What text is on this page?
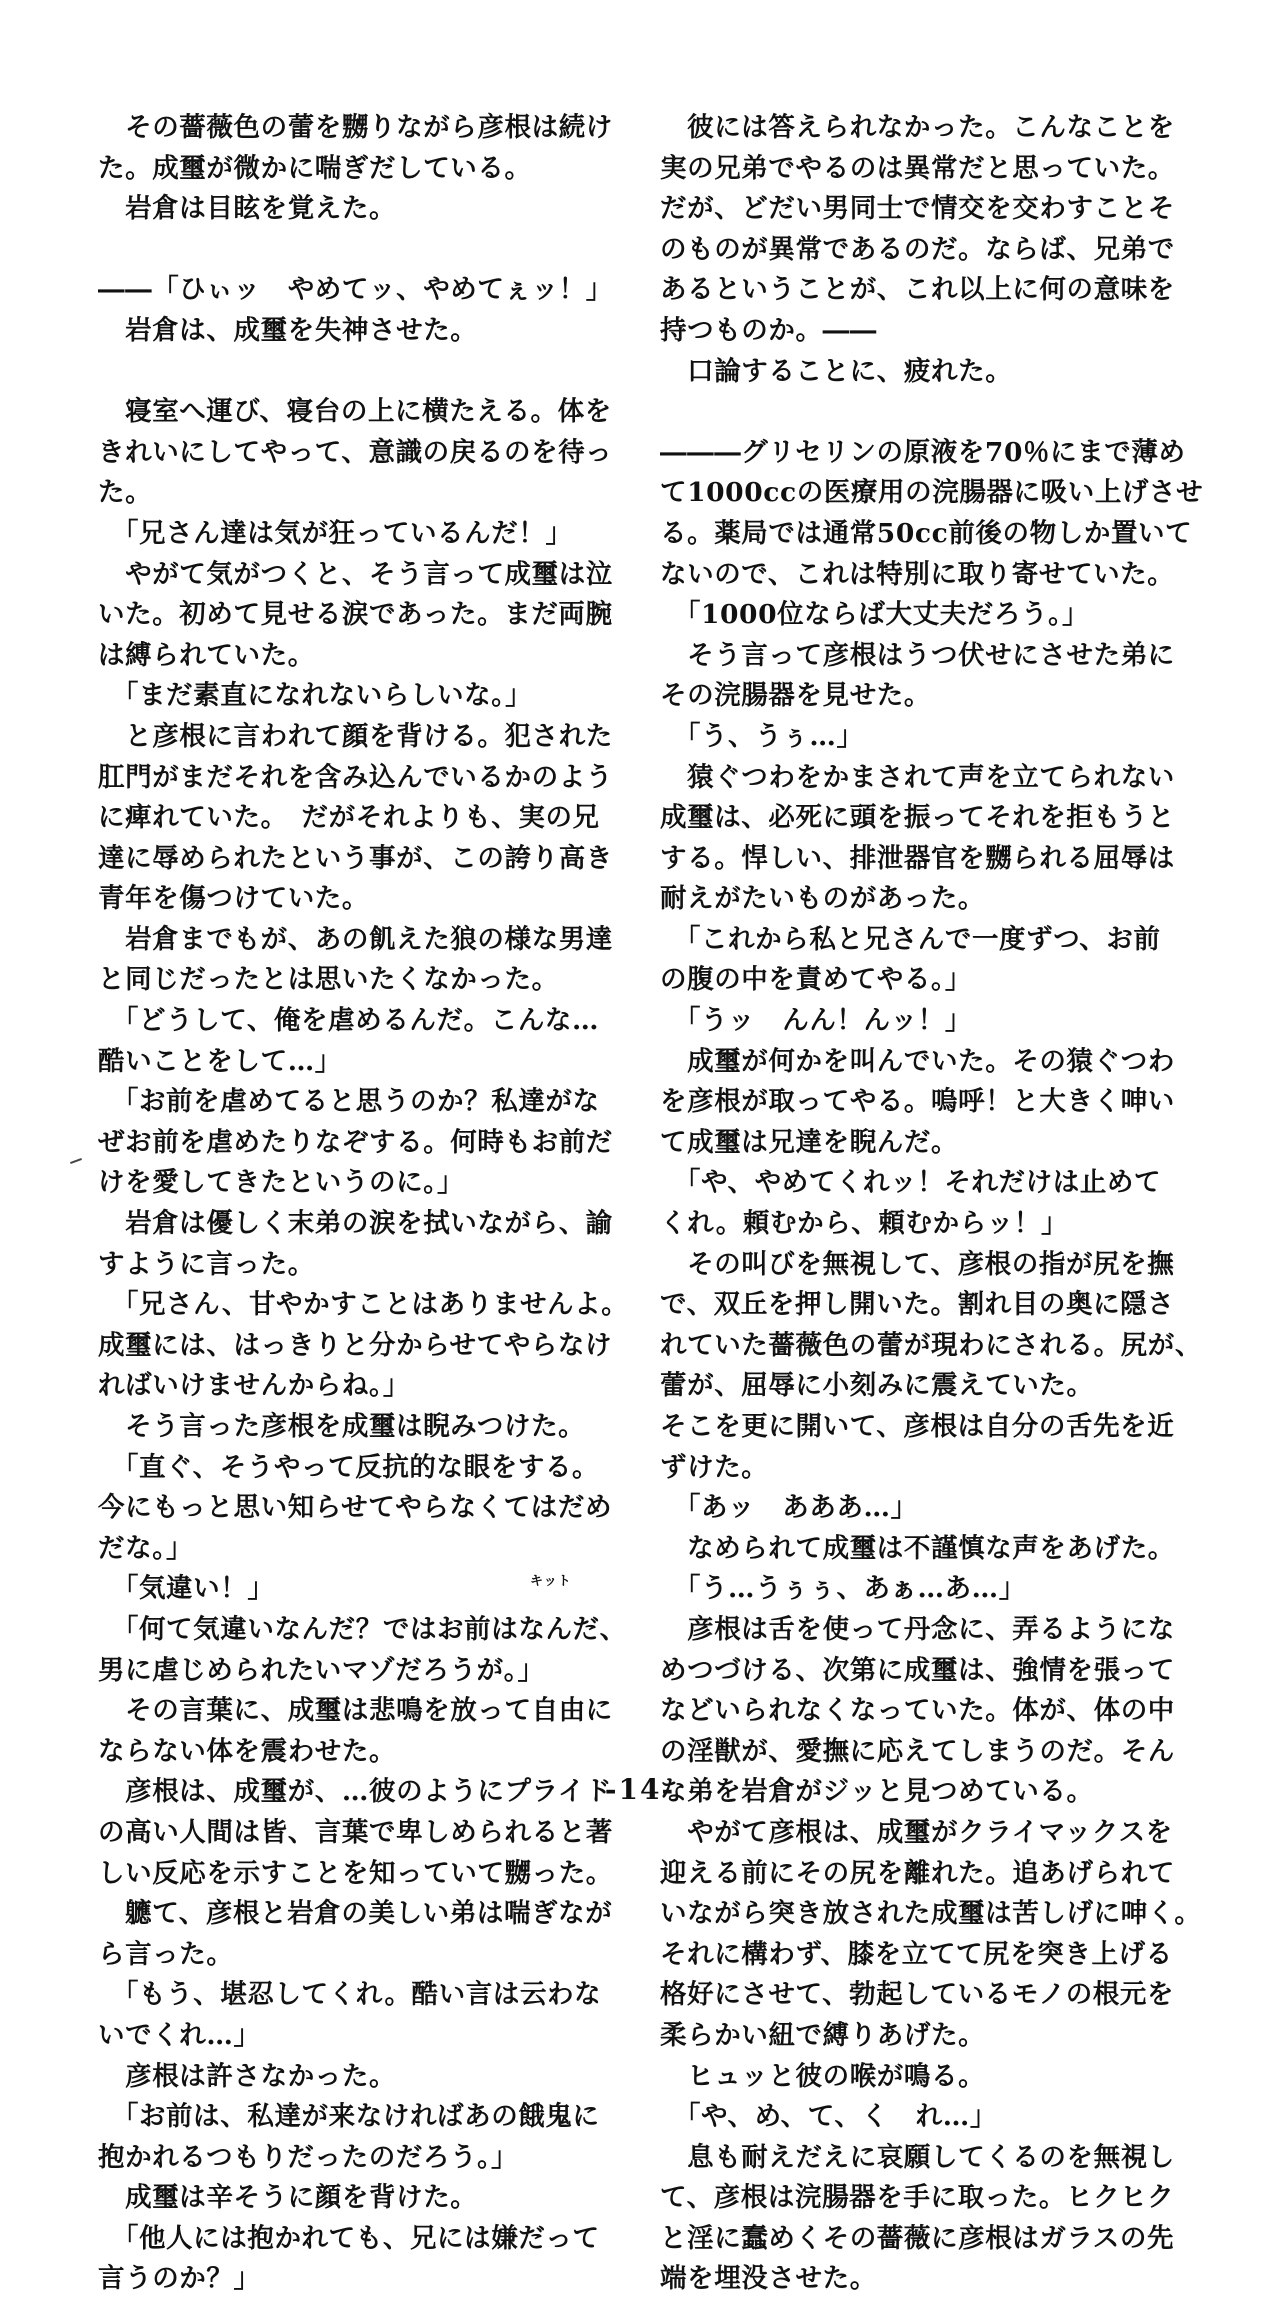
　その薔薇色の蕾を嬲りながら彦根は続け
た。成璽が微かに喘ぎだしている。
　岩倉は目眩を覚えた。
――「ひぃッ　やめてッ、やめてぇッ！」
　岩倉は、成璽を失神させた。
　寝室へ運び、寝台の上に横たえる。体を
きれいにしてやって、意識の戻るのを待っ
た。
　「兄さん達は気が狂っているんだ！」
　やがて気がつくと、そう言って成璽は泣
いた。初めて見せる涙であった。まだ両腕
は縛られていた。
　「まだ素直になれないらしいな。」
　と彦根に言われて顔を背ける。犯された
肛門がまだそれを含み込んでいるかのよう
に痺れていた。　だがそれよりも、実の兄
達に辱められたという事が、この誇り高き
青年を傷つけていた。
　岩倉までもが、あの飢えた狼の様な男達
と同じだったとは思いたくなかった。
　「どうして、俺を虐めるんだ。こんな…
酷いことをして…」
　「お前を虐めてると思うのか？私達がな
ぜお前を虐めたりなぞする。何時もお前だ
けを愛してきたというのに。」
　岩倉は優しく末弟の涙を拭いながら、諭
すように言った。
　「兄さん、甘やかすことはありませんよ。
成璽には、はっきりと分からせてやらなけ
ればいけませんからね。」
　そう言った彦根を成璽は睨みつけた。
　「直ぐ、そうやって反抗的な眼をする。
今にもっと思い知らせてやらなくてはだめ
だな。」
　「気違い！」
　「何て気違いなんだ？ではお前はなんだ、
男に虐じめられたいマゾだろうが。」
　その言葉に、成璽は悲鳴を放って自由に
ならない体を震わせた。
　彦根は、成璽が、…彼のようにプライド
の高い人間は皆、言葉で卑しめられると著
しい反応を示すことを知っていて嬲った。
　軈て、彦根と岩倉の美しい弟は喘ぎなが
ら言った。
　「もう、堪忍してくれ。酷い言は云わな
いでくれ…」
　彦根は許さなかった。
　「お前は、私達が来なければあの餓鬼に
抱かれるつもりだったのだろう。」
　成璽は辛そうに顔を背けた。
　「他人には抱かれても、兄には嫌だって
言うのか？」
　彼には答えられなかった。こんなことを
実の兄弟でやるのは異常だと思っていた。
だが、どだい男同士で情交を交わすことそ
のものが異常であるのだ。ならば、兄弟で
あるということが、これ以上に何の意味を
持つものか。――
　口論することに、疲れた。
―――グリセリンの原液を70％にまで薄め
て1000ccの医療用の浣腸器に吸い上げさせ
る。薬局では通常50cc前後の物しか置いて
ないので、これは特別に取り寄せていた。
　「1000位ならば大丈夫だろう。」
　そう言って彦根はうつ伏せにさせた弟に
その浣腸器を見せた。
　「う、うぅ…」
　猿ぐつわをかまされて声を立てられない
成璽は、必死に頭を振ってそれを拒もうと
する。悍しい、排泄器官を嬲られる屈辱は
耐えがたいものがあった。
　「これから私と兄さんで一度ずつ、お前
の腹の中を責めてやる。」
　「うッ　んん！んッ！」
　成璽が何かを叫んでいた。その猿ぐつわ
を彦根が取ってやる。嗚呼！と大きく呻い
て成璽は兄達を睨んだ。
　「や、やめてくれッ！それだけは止めて
くれ。頼むから、頼むからッ！」
　その叫びを無視して、彦根の指が尻を撫
で、双丘を押し開いた。割れ目の奥に隠さ
れていた薔薇色の蕾が現わにされる。尻が、
蕾が、屈辱に小刻みに震えていた。
そこを更に開いて、彦根は自分の舌先を近
ずけた。
　「あッ　あああ…」
　なめられて成璽は不謹慎な声をあげた。
　「う…うぅぅ、あぁ…あ…」
　彦根は舌を使って丹念に、弄るようにな
めつづける、次第に成璽は、強情を張って
などいられなくなっていた。体が、体の中
の淫獣が、愛撫に応えてしまうのだ。そん
な弟を岩倉がジッと見つめている。
　やがて彦根は、成璽がクライマックスを
迎える前にその尻を離れた。追あげられて
いながら突き放された成璽は苦しげに呻く。
それに構わず、膝を立てて尻を突き上げる
格好にさせて、勃起しているモノの根元を
柔らかい紐で縛りあげた。
　ヒュッと彼の喉が鳴る。
　「や、め、て、く　れ…」
　息も耐えだえに哀願してくるのを無視し
て、彦根は浣腸器を手に取った。ヒクヒク
と淫に蠢めくその薔薇に彦根はガラスの先
端を埋没させた。
キット
-14-
